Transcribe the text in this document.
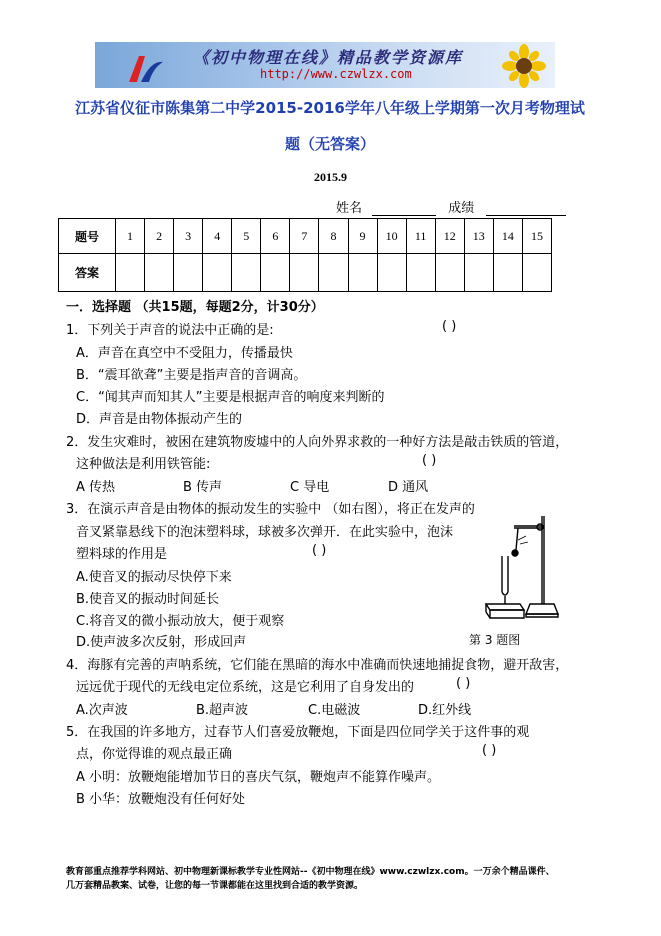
《初中物理在线》精品教学资源库
http://www.czwlzx.com
江苏省仪征市陈集第二中学2015-2016学年八年级上学期第一次月考物理试
题（无答案）
2015.9
姓名	成绩
题号	1	2	3	4	5	6	7	8	9	10	11	12	13	14	15
答案															
一．选择题 （共15题，每题2分，计30分）
1．下列关于声音的说法中正确的是:	( )
A．声音在真空中不受阻力，传播最快
B．“震耳欲聋”主要是指声音的音调高。
C．“闻其声而知其人”主要是根据声音的响度来判断的
D．声音是由物体振动产生的
2．发生灾难时，被困在建筑物废墟中的人向外界求救的一种好方法是敲击铁质的管道，
这种做法是利用铁管能:	( )
A 传热	B 传声	C 导电	D 通风
3．在演示声音是由物体的振动发生的实验中 （如右图），将正在发声的
音叉紧靠悬线下的泡沫塑料球，球被多次弹开．在此实验中，泡沫
塑料球的作用是	( )
A.使音叉的振动尽快停下来
B.使音叉的振动时间延长
C.将音叉的微小振动放大，便于观察
D.使声波多次反射，形成回声	第 3 题图
4．海豚有完善的声呐系统，它们能在黑暗的海水中准确而快速地捕捉食物，避开敌害，
远远优于现代的无线电定位系统，这是它利用了自身发出的	( )
A.次声波	B.超声波	C.电磁波	D.红外线
5．在我国的许多地方，过春节人们喜爱放鞭炮，下面是四位同学关于这件事的观
点，你觉得谁的观点最正确	( )
A 小明：放鞭炮能增加节日的喜庆气氛，鞭炮声不能算作噪声。
B 小华：放鞭炮没有任何好处
教育部重点推荐学科网站、初中物理新课标教学专业性网站--《初中物理在线》www.czwlzx.com。一万余个精品课件、
几万套精品教案、试卷，让您的每一节课都能在这里找到合适的教学资源。
